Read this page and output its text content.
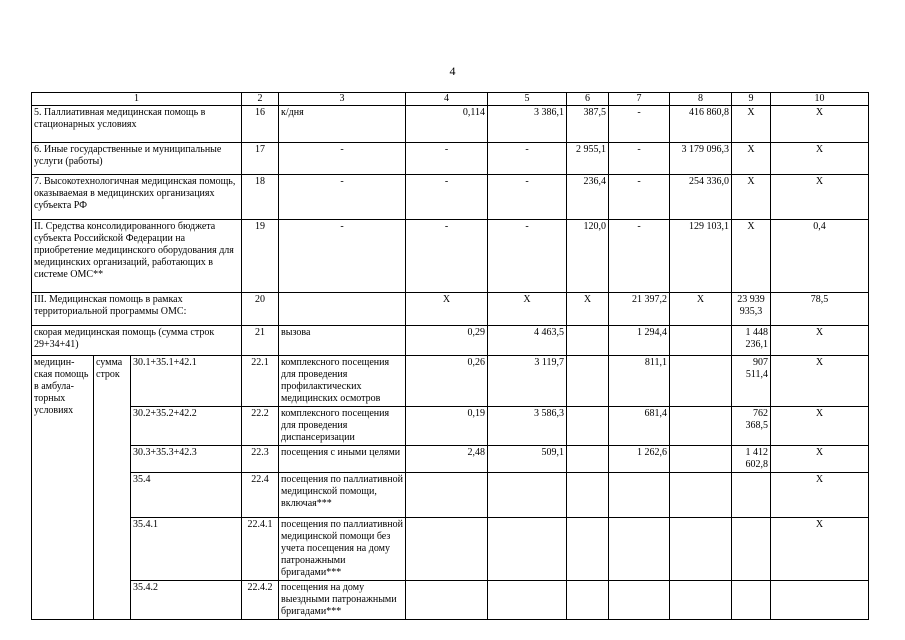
4
1			2	3	4	5	6	7	8	9	10
5. Паллиативная медицинская помощь в стационарных условиях			16	к/дня	0,114	3 386,1	387,5	-	416 860,8	Х	Х
6. Иные государственные и муниципальные услуги (работы)			17	-	-	-	2 955,1	-	3 179 096,3	Х	Х
7. Высокотехнологичная медицинская помощь, оказываемая в медицинских организациях субъекта РФ			18	-	-	-	236,4	-	254 336,0	Х	Х
II. Средства консолидированного бюджета субъекта Российской Федерации на приобретение медицинского оборудования для медицинских организаций, работающих в системе ОМС**			19	-	-	-	120,0	-	129 103,1	Х	0,4
III. Медицинская помощь в рамках территориальной программы ОМС:			20		Х	Х	Х	21 397,2	Х	23 939 935,3	78,5
скорая медицинская помощь (сумма строк 29+34+41)			21	вызова	0,29	4 463,5		1 294,4		1 448 236,1	Х
медицин-ская помощь в амбула-торных условиях	сумма строк	30.1+35.1+42.1	22.1	комплексного посещения для проведения профилактических медицинских осмотров	0,26	3 119,7		811,1		907 511,4	Х
		30.2+35.2+42.2	22.2	комплексного посещения для проведения диспансеризации	0,19	3 586,3		681,4		762 368,5	Х
		30.3+35.3+42.3	22.3	посещения с иными целями	2,48	509,1		1 262,6		1 412 602,8	Х
		35.4	22.4	посещения по паллиативной медицинской помощи, включая***							Х
		35.4.1	22.4.1	посещения по паллиативной медицинской помощи без учета посещения на дому патронажными бригадами***							Х
		35.4.2	22.4.2	посещения на дому выездными патронажными бригадами***							
